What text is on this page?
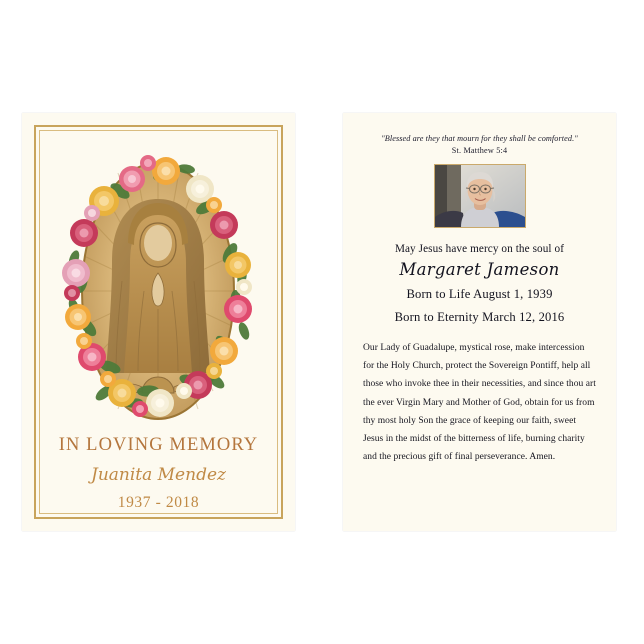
IN LOVING MEMORY
Juanita Mendez
1937 - 2018
"Blessed are they that mourn for they shall be comforted."
St. Matthew 5:4
May Jesus have mercy on the soul of
Margaret Jameson
Born to Life August 1, 1939
Born to Eternity March 12, 2016
Our Lady of Guadalupe, mystical rose, make intercession for the Holy Church, protect the Sovereign Pontiff, help all those who invoke thee in their necessities, and since thou art the ever Virgin Mary and Mother of God, obtain for us from thy most holy Son the grace of keeping our faith, sweet Jesus in the midst of the bitterness of life, burning charity and the precious gift of final perseverance. Amen.
